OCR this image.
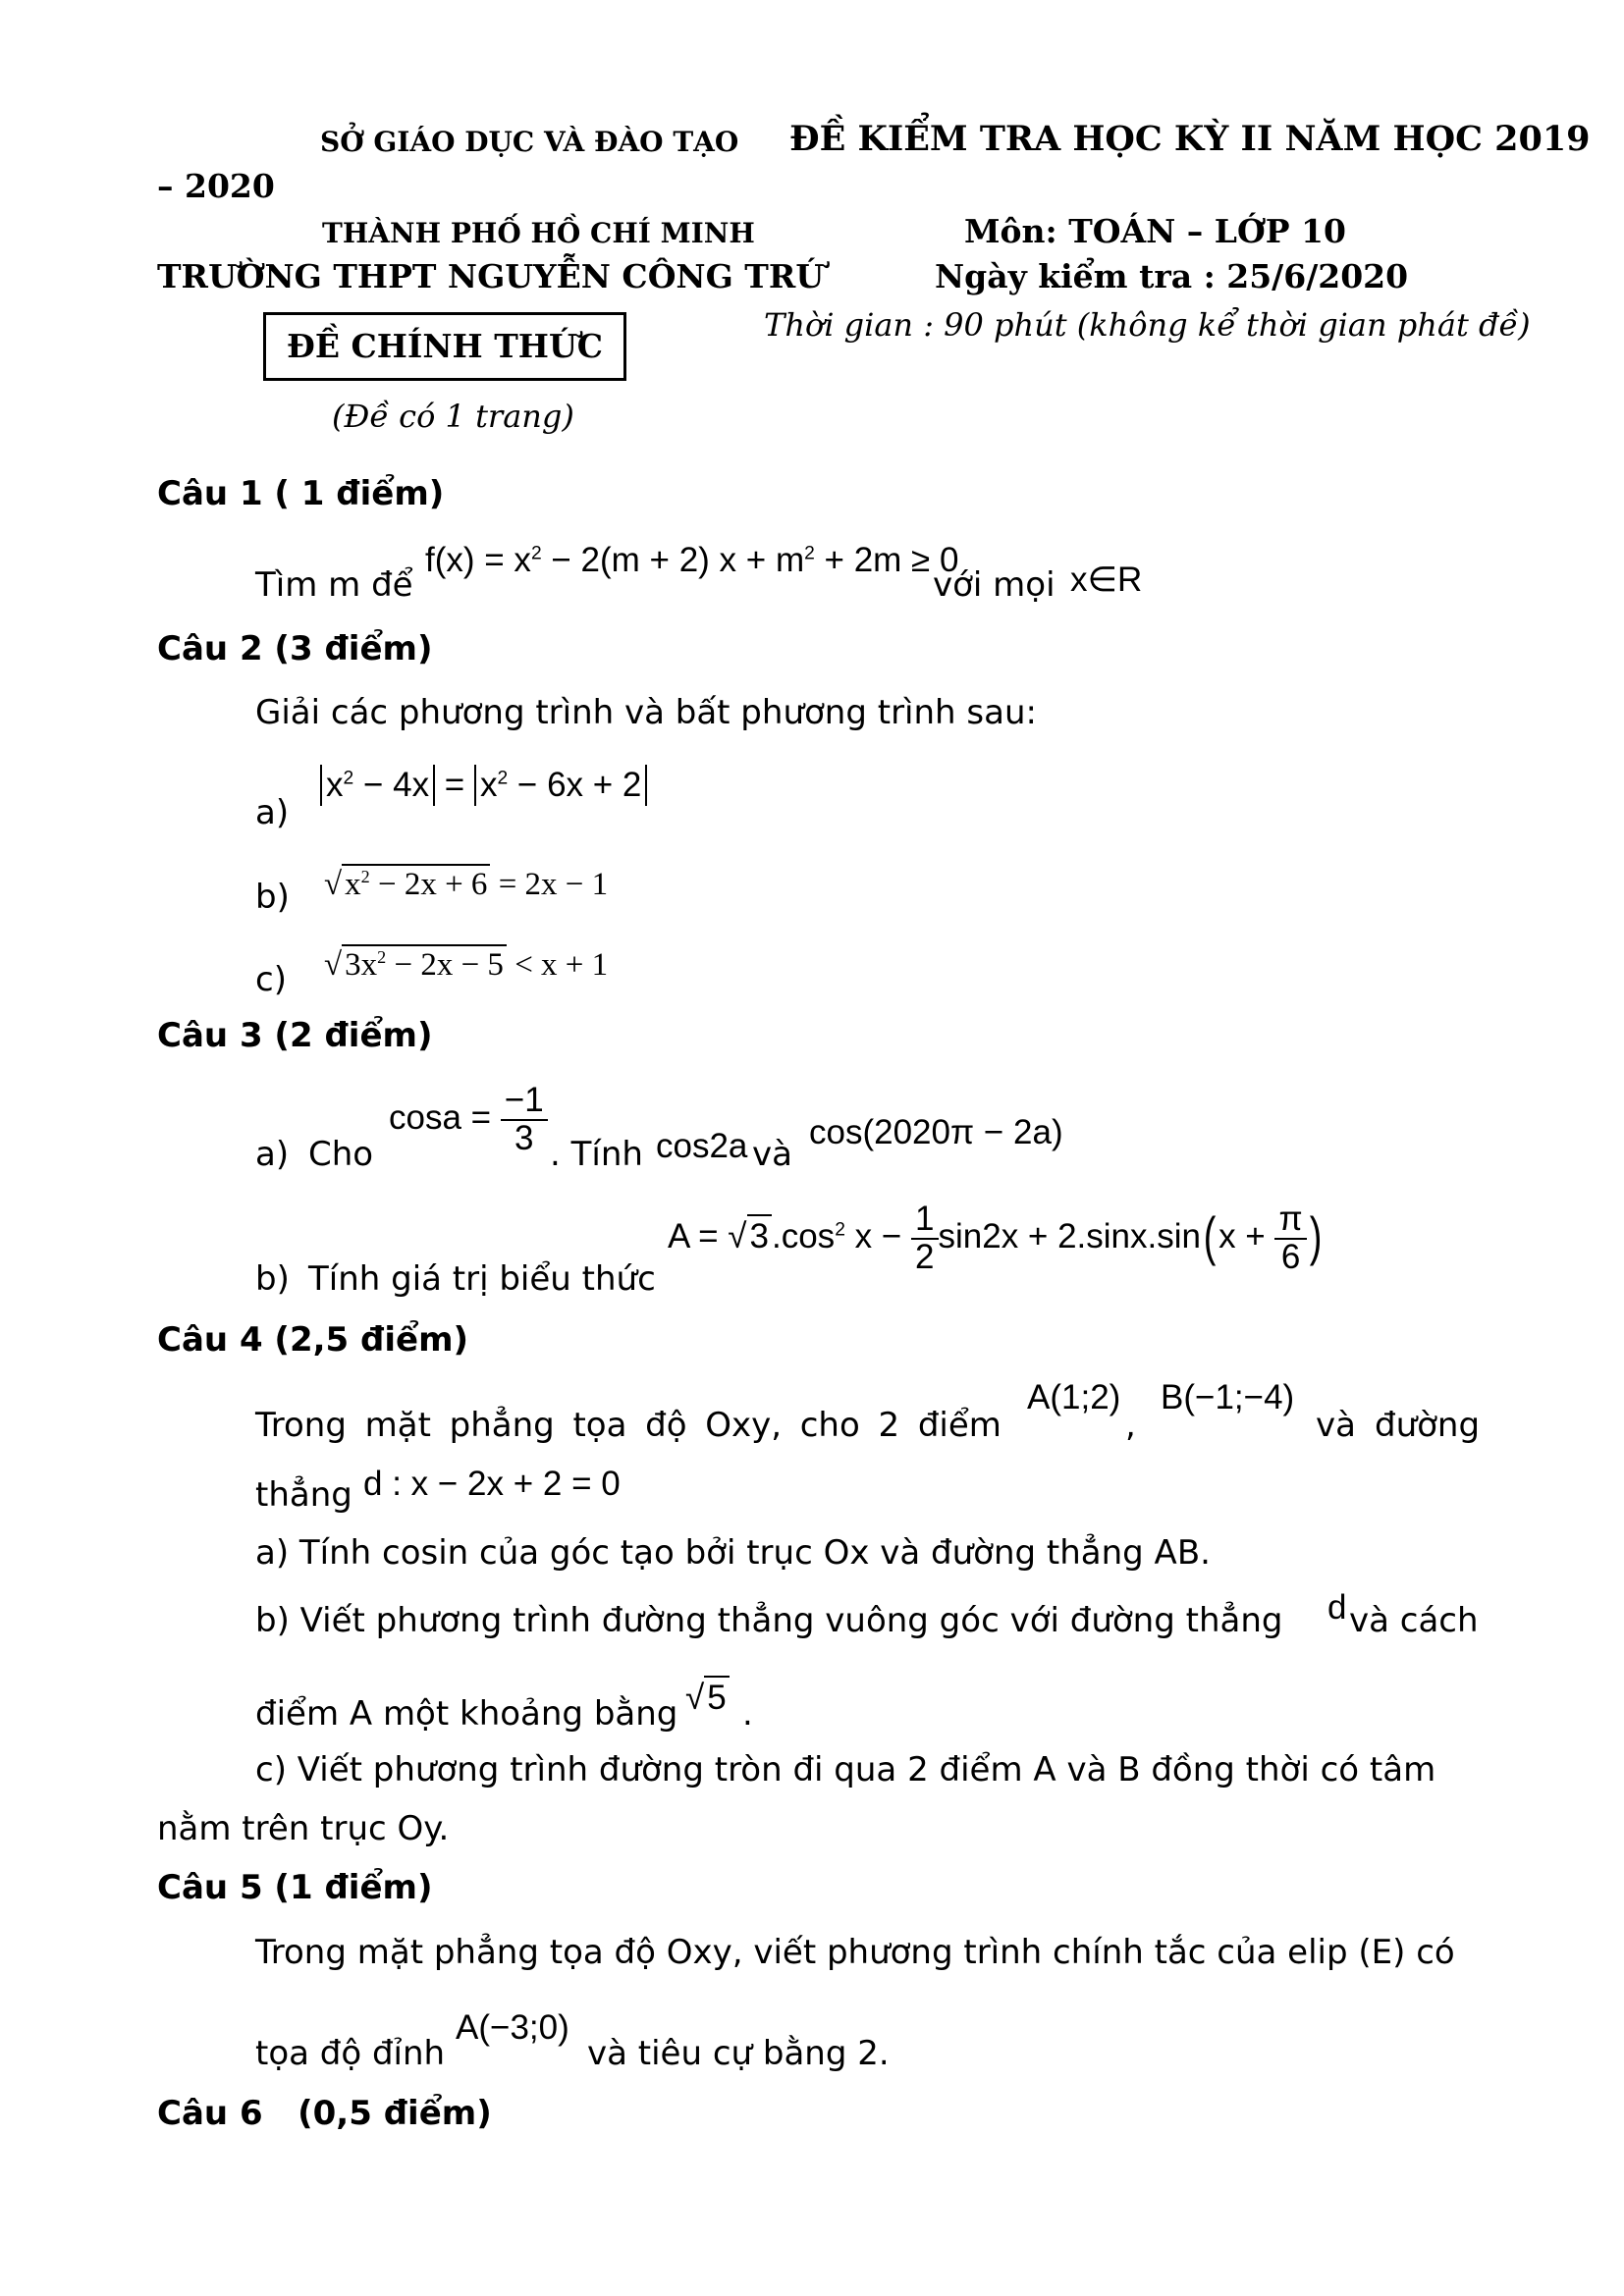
SỞ GIÁO DỤC VÀ ĐÀO TẠO ĐỀ KIỂM TRA HỌC KỲ II NĂM HỌC 2019
– 2020
THÀNH PHỐ HỒ CHÍ MINH	Môn: TOÁN – LỚP 10
TRƯỜNG THPT NGUYỄN CÔNG TRỨ	Ngày kiểm tra : 25/6/2020
ĐỀ CHÍNH THỨC
Thời gian : 90 phút (không kể thời gian phát đề)
(Đề có 1 trang)
Câu 1 ( 1 điểm)
Tìm m để
$f(x) = x^2 - 2(m + 2) x + m^2 + 2m \ge 0$
với mọi x∈R
Câu 2 (3 điểm)
Giải các phương trình và bất phương trình sau:
a)
$x^2 - 4x = x^2 - 6x + 2$
b) $√x^2 - 2x + 6 = 2x - 1$
c) $√3x^2 - 2x - 5 < x + 1$
Câu 3 (2 điểm)
a) Cho
$\cos a = \frac{-1}{3}$ . Tính cos2a và
cos(2020π − 2a)
b) Tính giá trị biểu thức
$A = √3.\cos^2$ $x - \frac{1}{2} \sin 2x + 2.\sin x.\sin(x + \frac{\pi}{6}$ )
Câu 4 (2,5 điểm)
Trong mặt phẳng tọa độ Oxy, cho 2 điểm
A(1;2)
,
B(−1;−4)
và đường
thẳng d : x − 2x + 2 = 0
a) Tính cosin của góc tạo bởi trục Ox và đường thẳng AB.
b) Viết phương trình đường thẳng vuông góc với đường thẳng d và cách
điểm A một khoảng bằng √5 .
c) Viết phương trình đường tròn đi qua 2 điểm A và B đồng thời có tâm
nằm trên trục Oy.
Câu 5 (1 điểm)
Trong mặt phẳng tọa độ Oxy, viết phương trình chính tắc của elip (E) có
tọa độ đỉnh
A(−3;0)
và tiêu cự bằng 2.
Câu 6   (0,5 điểm)
